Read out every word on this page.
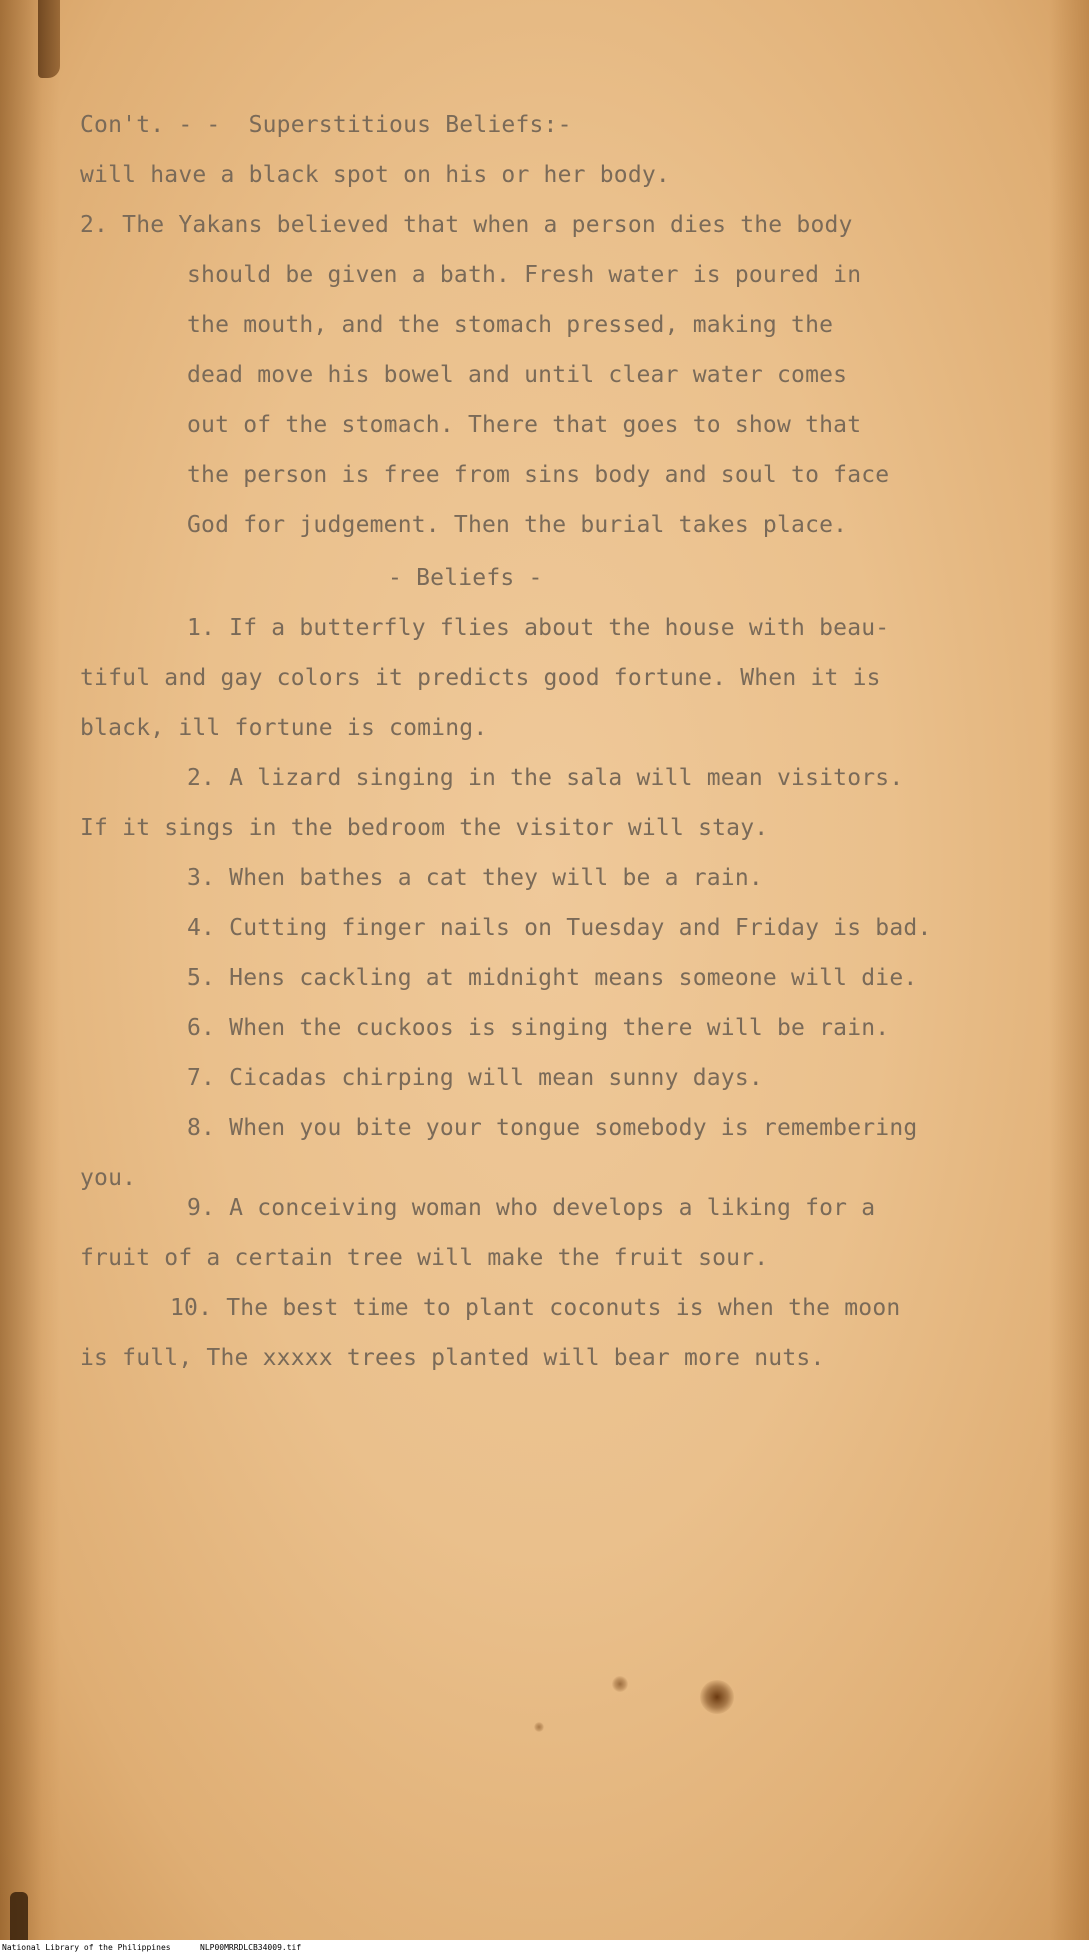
Con't. - -  Superstitious Beliefs:-
will have a black spot on his or her body.
2. The Yakans believed that when a person dies the body
should be given a bath. Fresh water is poured in
the mouth, and the stomach pressed, making the
dead move his bowel and until clear water comes
out of the stomach. There that goes to show that
the person is free from sins body and soul to face
God for judgement. Then the burial takes place.
- Beliefs -
1. If a butterfly flies about the house with beau-
tiful and gay colors it predicts good fortune. When it is
black, ill fortune is coming.
2. A lizard singing in the sala will mean visitors.
If it sings in the bedroom the visitor will stay.
3. When bathes a cat they will be a rain.
4. Cutting finger nails on Tuesday and Friday is bad.
5. Hens cackling at midnight means someone will die.
6. When the cuckoos is singing there will be rain.
7. Cicadas chirping will mean sunny days.
8. When you bite your tongue somebody is remembering
you.
9. A conceiving woman who develops a liking for a
fruit of a certain tree will make the fruit sour.
10. The best time to plant coconuts is when the moon
is full, The xxxxx trees planted will bear more nuts.
National Library of the Philippines	NLP00MRRDLCB34009.tif
